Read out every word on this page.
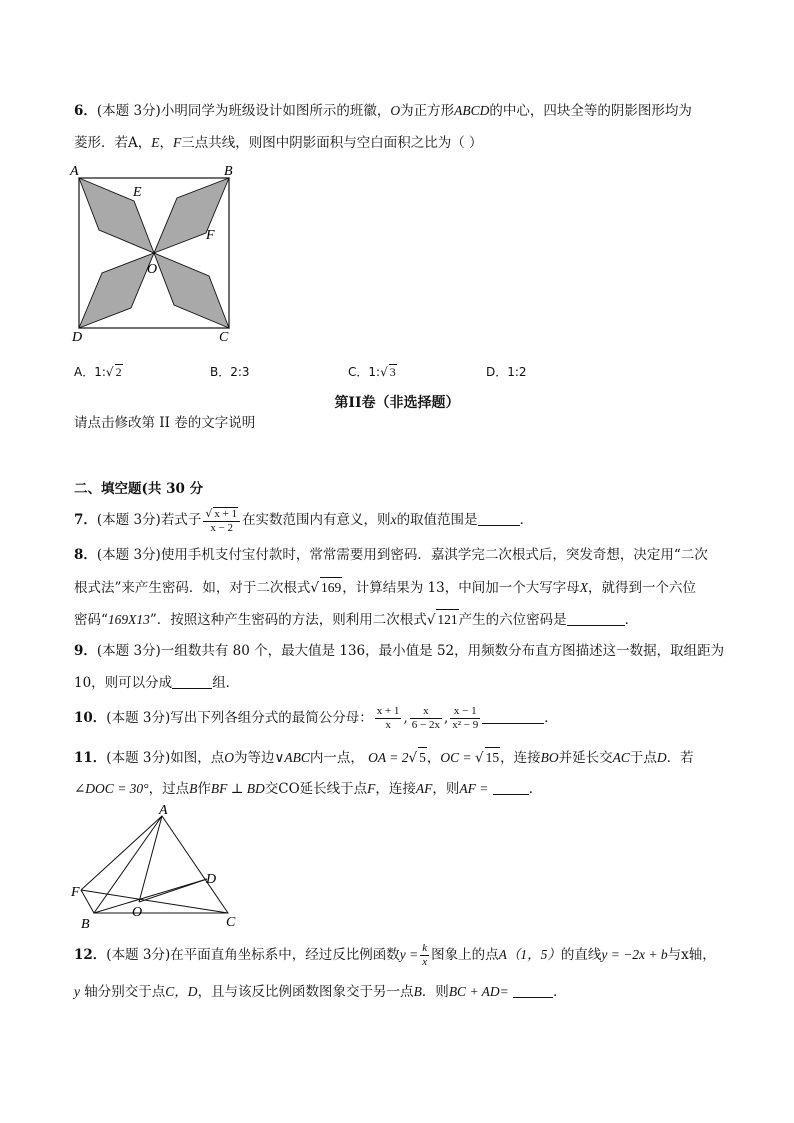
6．(本题 3分)小明同学为班级设计如图所示的班徽，O为正方形ABCD的中心，四块全等的阴影图形均为
菱形．若A，E，F三点共线，则图中阴影面积与空白面积之比为（ ）
A	B
C
D
E
F
O
A．1:√ 2	B．2:3	C．1:√ 3	D．1:2
第II卷（非选择题）
请点击修改第 II 卷的文字说明
二、填空题(共 30 分
7．(本题 3分)若式子 $\frac{√ x + 1}{x - 2}$ 在实数范围内有意义，则x的取值范围是	．
8．(本题 3分)使用手机支付宝付款时，常常需要用到密码．嘉淇学完二次根式后，突发奇想，决定用“二次
根式法”来产生密码．如，对于二次根式√ 169，计算结果为 13，中间加一个大写字母X，就得到一个六位
密码“169X13”．按照这种产生密码的方法，则利用二次根式√ 121产生的六位密码是	．
9．(本题 3分)一组数共有 80 个，最大值是 136，最小值是 52，用频数分布直方图描述这一数据，取组距为
10，则可以分成	组．
10．(本题 3分)写出下列各组分式的最简公分母： $\frac{x + 1}{x}$ , $\frac{x}{6 - 2x}$ , $\frac{x - 1}{\text{x² − 9}}$	．
11．(本题 3分)如图，点O为等边∨ABC内一点， OA = 2√ 5，OC = √ 15，连接BO并延长交AC于点D．若
∠DOC = 30°，过点B作BF ⊥ BD交CO延长线于点F，连接AF，则AF =	．
A
F
D
O
B	C
12．(本题 3分)在平面直角坐标系中，经过反比例函数$y = \frac{k}{x}$ 图象上的点A（1，5）的直线y = −2x + b与x轴，
y 轴分别交于点C，D，且与该反比例函数图象交于另一点B．则BC + AD=	．
